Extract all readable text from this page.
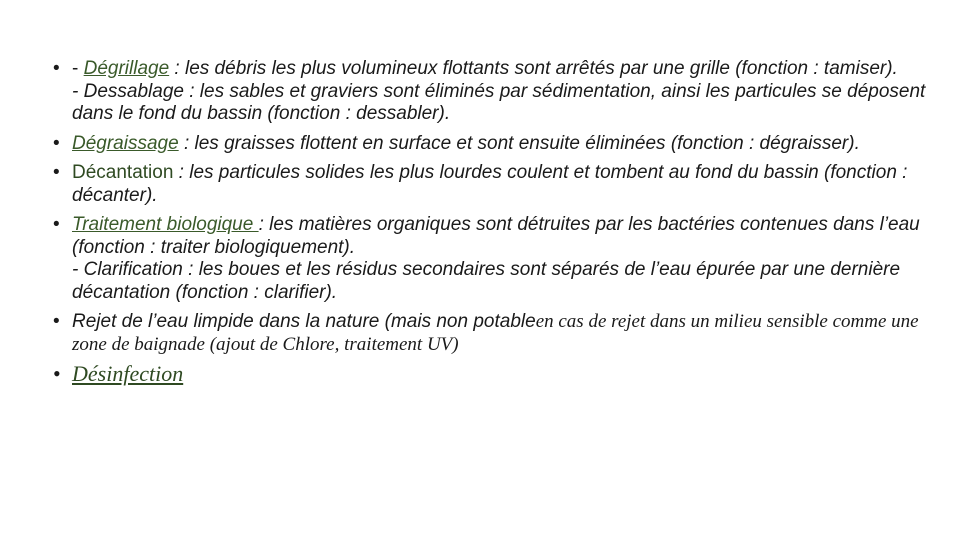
• - Dégrillage : les débris les plus volumineux flottants sont arrêtés par une grille (fonction : tamiser).
- Dessablage : les sables et graviers sont éliminés par sédimentation, ainsi les particules se déposent dans le fond du bassin (fonction : dessabler).
• Dégraissage : les graisses flottent en surface et sont ensuite éliminées (fonction : dégraisser).
• Décantation : les particules solides les plus lourdes coulent et tombent au fond du bassin (fonction : décanter).
• Traitement biologique : les matières organiques sont détruites par les bactéries contenues dans l’eau (fonction : traiter biologiquement).
- Clarification : les boues et les résidus secondaires sont séparés de l’eau épurée par une dernière décantation (fonction : clarifier).
• Rejet de l’eau limpide dans la nature (mais non potableen cas de rejet dans un milieu sensible comme une zone de baignade (ajout de Chlore, traitement UV)
• Désinfection
